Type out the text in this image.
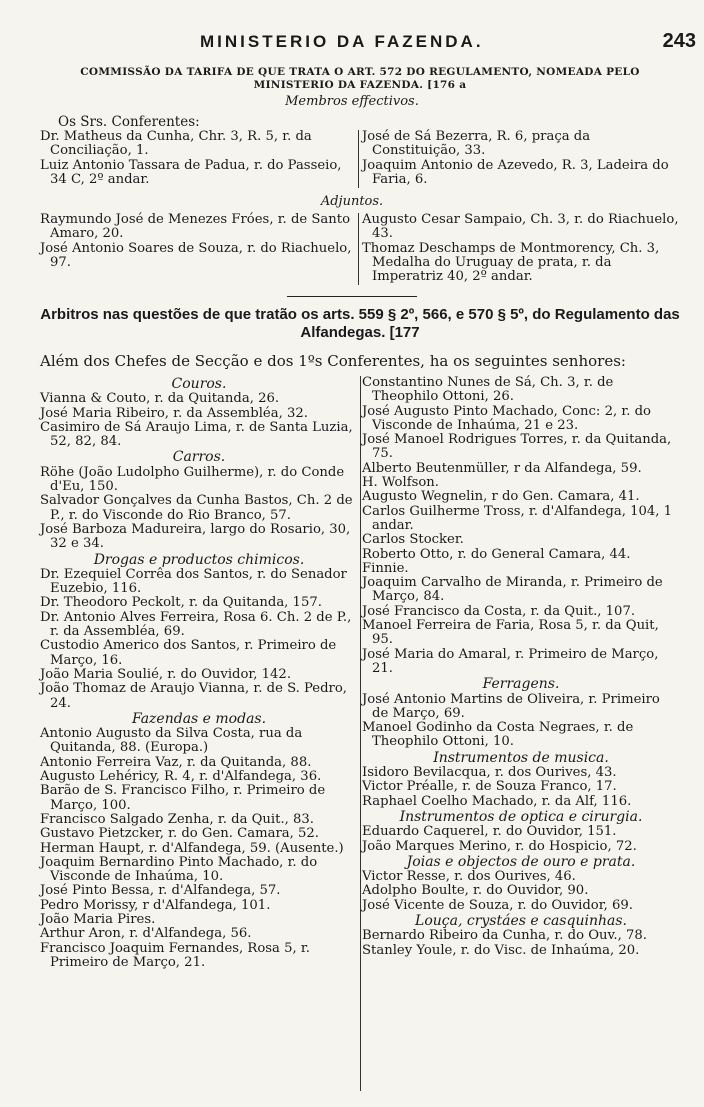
MINISTERIO DA FAZENDA.	243
COMMISSÃO DA TARIFA DE QUE TRATA O ART. 572 DO REGULAMENTO, NOMEADA PELO MINISTERIO DA FAZENDA. [176 a
Membros effectivos.
Os Srs. Conferentes:

Dr. Matheus da Cunha, Chr. 3, R. 5, r. da Conciliação, 1.

Luiz Antonio Tassara de Padua, r. do Passeio, 34 C, 2º andar.

José de Sá Bezerra, R. 6, praça da Constituição, 33.

Joaquim Antonio de Azevedo, R. 3, Ladeira do Faria, 6.

Adjuntos.

Raymundo José de Menezes Fróes, r. de Santo Amaro, 20.

José Antonio Soares de Souza, r. do Riachuelo, 97.

Augusto Cesar Sampaio, Ch. 3, r. do Riachuelo, 43.

Thomaz Deschamps de Montmorency, Ch. 3, Medalha do Uruguay de prata, r. da Imperatriz 40, 2º andar.

Arbitros nas questões de que tratão os arts. 559 § 2º, 566, e 570 § 5º, do Regulamento das Alfandegas. [177
Além dos Chefes de Secção e dos 1ºs Conferentes, ha os seguintes senhores:
Couros.

Vianna & Couto, r. da Quitanda, 26.

José Maria Ribeiro, r. da Assembléa, 32.

Casimiro de Sá Araujo Lima, r. de Santa Luzia, 52, 82, 84.

Carros.

Röhe (João Ludolpho Guilherme), r. do Conde d'Eu, 150.

Salvador Gonçalves da Cunha Bastos, Ch. 2 de P., r. do Visconde do Rio Branco, 57.

José Barboza Madureira, largo do Rosario, 30, 32 e 34.

Drogas e productos chimicos.

Dr. Ezequiel Corrêa dos Santos, r. do Senador Euzebio, 116.

Dr. Theodoro Peckolt, r. da Quitanda, 157.

Dr. Antonio Alves Ferreira, Rosa 6. Ch. 2 de P., r. da Assembléa, 69.

Custodio Americo dos Santos, r. Primeiro de Março, 16.

João Maria Soulié, r. do Ouvidor, 142.

João Thomaz de Araujo Vianna, r. de S. Pedro, 24.

Fazendas e modas.

Antonio Augusto da Silva Costa, rua da Quitanda, 88. (Europa.)

Antonio Ferreira Vaz, r. da Quitanda, 88.

Augusto Lehéricy, R. 4, r. d'Alfandega, 36.

Barão de S. Francisco Filho, r. Primeiro de Março, 100.

Francisco Salgado Zenha, r. da Quit., 83.

Gustavo Pietzcker, r. do Gen. Camara, 52.

Herman Haupt, r. d'Alfandega, 59. (Ausente.)

Joaquim Bernardino Pinto Machado, r. do Visconde de Inhaúma, 10.

José Pinto Bessa, r. d'Alfandega, 57.

Pedro Morissy, r d'Alfandega, 101.

João Maria Pires.

Arthur Aron, r. d'Alfandega, 56.

Francisco Joaquim Fernandes, Rosa 5, r. Primeiro de Março, 21.

Constantino Nunes de Sá, Ch. 3, r. de Theophilo Ottoni, 26.

José Augusto Pinto Machado, Conc: 2, r. do Visconde de Inhaúma, 21 e 23.

José Manoel Rodrigues Torres, r. da Quitanda, 75.

Alberto Beutenmüller, r da Alfandega, 59.

H. Wolfson.

Augusto Wegnelin, r do Gen. Camara, 41.

Carlos Guilherme Tross, r. d'Alfandega, 104, 1 andar.

Carlos Stocker.

Roberto Otto, r. do General Camara, 44.

Finnie.

Joaquim Carvalho de Miranda, r. Primeiro de Março, 84.

José Francisco da Costa, r. da Quit., 107.

Manoel Ferreira de Faria, Rosa 5, r. da Quit, 95.

José Maria do Amaral, r. Primeiro de Março, 21.

Ferragens.

José Antonio Martins de Oliveira, r. Primeiro de Março, 69.

Manoel Godinho da Costa Negraes, r. de Theophilo Ottoni, 10.

Instrumentos de musica.

Isidoro Bevilacqua, r. dos Ourives, 43.

Victor Préalle, r. de Souza Franco, 17.

Raphael Coelho Machado, r. da Alf, 116.

Instrumentos de optica e cirurgia.

Eduardo Caquerel, r. do Ouvidor, 151.

João Marques Merino, r. do Hospicio, 72.

Joias e objectos de ouro e prata.

Victor Resse, r. dos Ourives, 46.

Adolpho Boulte, r. do Ouvidor, 90.

José Vicente de Souza, r. do Ouvidor, 69.

Louça, crystáes e casquinhas.

Bernardo Ribeiro da Cunha, r. do Ouv., 78.

Stanley Youle, r. do Visc. de Inhaúma, 20.
